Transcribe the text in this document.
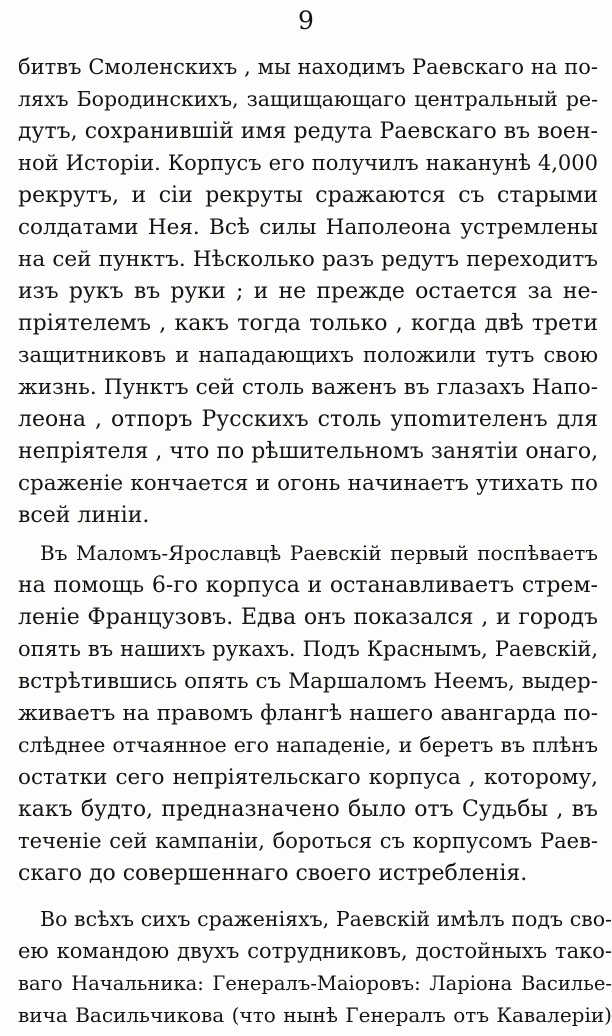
9
битвъ Смоленскихъ , мы находимъ Раевскаго на по-
ляхъ Бородинскихъ, защищающаго центральный ре-
дутъ, сохранившій имя редута Раевскаго въ воен-
ной Исторіи. Корпусъ его получилъ наканунѣ 4,000
рекрутъ, и сіи рекруты сражаются съ старыми
солдатами Нея. Всѣ силы Наполеона устремлены
на сей пунктъ. Нѣсколько разъ редутъ переходитъ
изъ рукъ въ руки ; и не прежде остается за не-
пріятелемъ , какъ тогда только , когда двѣ трети
защитниковъ и нападающихъ положили тутъ свою
жизнь. Пунктъ сей столь важенъ въ глазахъ Напо-
леона , отпоръ Русскихъ столь упоmителенъ для
непріятеля , что по рѣшительномъ занятіи онаго,
сраженіе кончается и огонь начинаетъ утихать по
всей линіи.
Въ Маломъ-Ярославцѣ Раевскій первый поспѣваетъ
на помощь 6-го корпуса и останавливаетъ стрем-
леніе Французовъ. Едва онъ показался , и городъ
опять въ нашихъ рукахъ. Подъ Краснымъ, Раевскій,
встрѣтившись опять съ Маршаломъ Неемъ, выдер-
живаетъ на правомъ флангѣ нашего авангарда по-
слѣднее отчаянное его нападеніе, и беретъ въ плѣнъ
остатки сего непріятельскаго корпуса , которому,
какъ будто, предназначено было отъ Судьбы , въ
теченіе сей кампаніи, бороться съ корпусомъ Раев-
скаго до совершеннаго своего истребленія.
Во всѣхъ сихъ сраженіяхъ, Раевскій имѣлъ подъ сво-
ею командою двухъ сотрудниковъ, достойныхъ тако-
ваго Начальника: Генералъ-Маіоровъ: Ларіона Василье-
вича Васильчикова (что нынѣ Генералъ отъ Кавалеріи)
